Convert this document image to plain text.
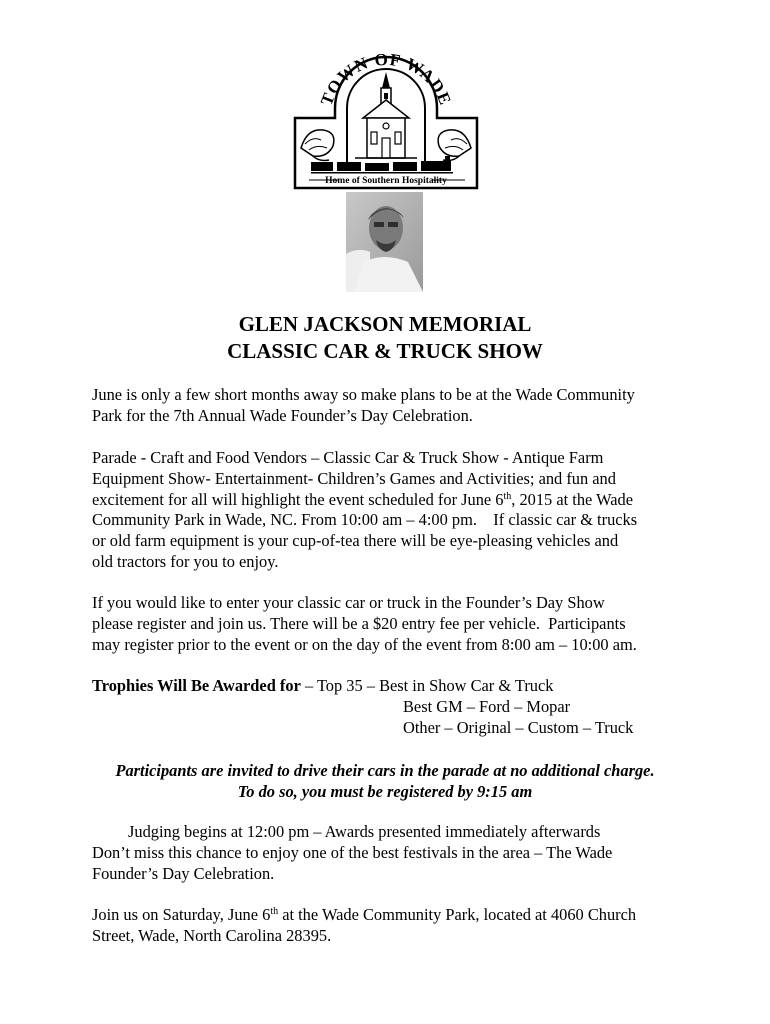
TOWN OF WADE
Home of Southern Hospitality
GLEN JACKSON MEMORIAL
CLASSIC CAR & TRUCK SHOW

June is only a few short months away so make plans to be at the Wade Community
Park for the 7th Annual Wade Founder’s Day Celebration.

Parade - Craft and Food Vendors – Classic Car & Truck Show - Antique Farm
Equipment Show- Entertainment- Children’s Games and Activities; and fun and
excitement for all will highlight the event scheduled for June 6th, 2015 at the Wade
Community Park in Wade, NC. From 10:00 am – 4:00 pm.    If classic car & trucks
or old farm equipment is your cup-of-tea there will be eye-pleasing vehicles and
old tractors for you to enjoy.

If you would like to enter your classic car or truck in the Founder’s Day Show
please register and join us. There will be a $20 entry fee per vehicle.  Participants
may register prior to the event or on the day of the event from 8:00 am – 10:00 am.

Trophies Will Be Awarded for – Top 35 – Best in Show Car & Truck
Best GM – Ford – Mopar
Other – Original – Custom – Truck

Participants are invited to drive their cars in the parade at no additional charge.

To do so, you must be registered by 9:15 am

Judging begins at 12:00 pm – Awards presented immediately afterwards
Don’t miss this chance to enjoy one of the best festivals in the area – The Wade
Founder’s Day Celebration.

Join us on Saturday, June 6th at the Wade Community Park, located at 4060 Church
Street, Wade, North Carolina 28395.
